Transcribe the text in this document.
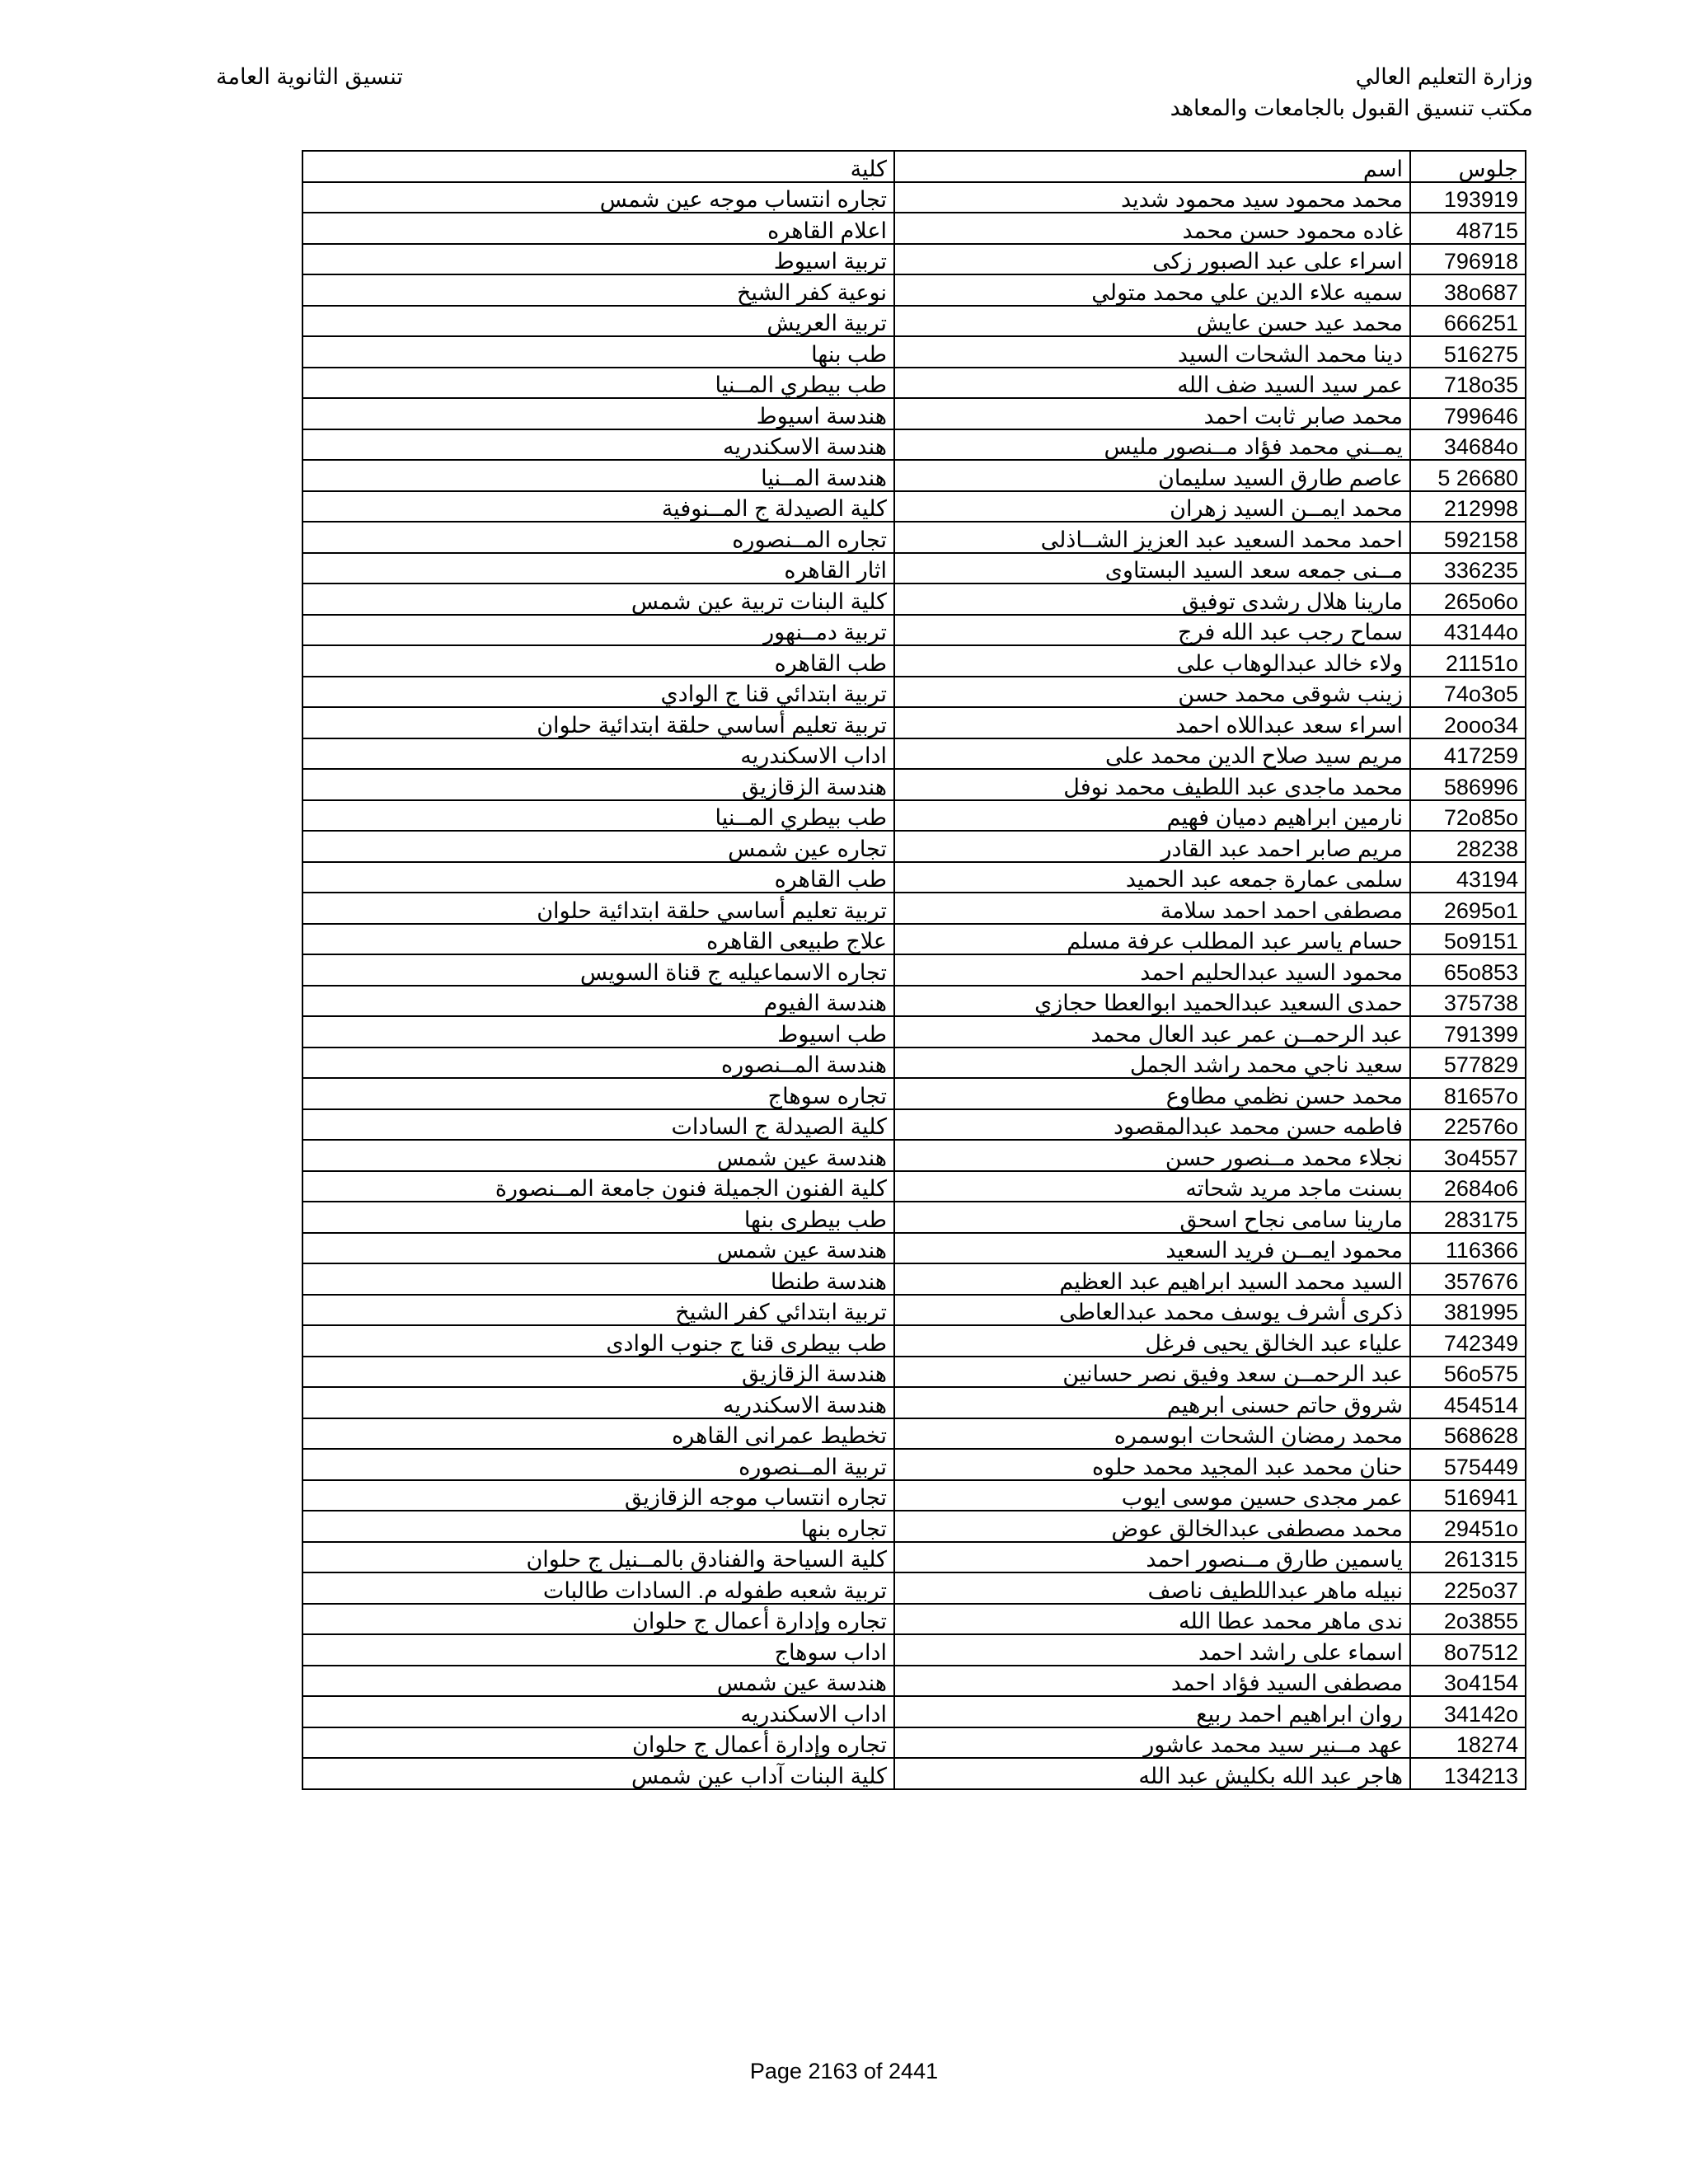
وزارة التعليم العالي
مكتب تنسيق القبول بالجامعات والمعاهد
تنسيق الثانوية العامة
جلوس	اسم	كلية
193919	محمد محمود سيد محمود شديد	تجاره انتساب موجه عين شمس
48715	غاده محمود حسن محمد	اعلام القاهره
796918	اسراء على عبد الصبور زكى	تربية اسيوط
38o687	سميه علاء الدين علي محمد متولي	نوعية كفر الشيخ
666251	محمد عيد حسن عايش	تربية العريش
516275	دينا محمد الشحات السيد	طب بنها
718o35	عمر سيد السيد ضف الله	طب بيطري المــنيا
799646	محمد صابر ثابت احمد	هندسة اسيوط
34684o	يمــني محمد فؤاد مــنصور مليس	هندسة الاسكندريه
26680 5	عاصم طارق السيد سليمان	هندسة المــنيا
212998	محمد ايمــن السيد زهران	كلية الصيدلة ج المــنوفية
592158	احمد محمد السعيد عبد العزيز الشــاذلى	تجاره المــنصوره
336235	مــنى جمعه سعد السيد البستاوى	اثار القاهره
265o6o	مارينا هلال رشدى توفيق	كلية البنات تربية عين شمس
43144o	سماح رجب عبد الله فرج	تربية دمــنهور
21151o	ولاء خالد عبدالوهاب على	طب القاهره
74o3o5	زينب شوقى محمد حسن	تربية ابتدائي قنا ج الوادي
2ooo34	اسراء سعد عبداللاه احمد	تربية تعليم أساسي حلقة ابتدائية حلوان
417259	مريم سيد صلاح الدين محمد على	اداب الاسكندريه
586996	محمد ماجدى عبد اللطيف محمد نوفل	هندسة الزقازيق
72o85o	نارمين ابراهيم دميان فهيم	طب بيطري المــنيا
28238	مريم صابر احمد عبد القادر	تجاره عين شمس
43194	سلمى عمارة جمعه عبد الحميد	طب القاهره
2695o1	مصطفى احمد احمد سلامة	تربية تعليم أساسي حلقة ابتدائية حلوان
5o9151	حسام ياسر عبد المطلب عرفة مسلم	علاج طبيعى القاهره
65o853	محمود السيد عبدالحليم احمد	تجاره الاسماعيليه ج قناة السويس
375738	حمدى السعيد عبدالحميد ابوالعطا حجازي	هندسة الفيوم
791399	عبد الرحمــن عمر عبد العال محمد	طب اسيوط
577829	سعيد ناجي محمد راشد الجمل	هندسة المــنصوره
81657o	محمد حسن نظمي مطاوع	تجاره سوهاج
22576o	فاطمه حسن محمد عبدالمقصود	كلية الصيدلة ج السادات
3o4557	نجلاء محمد مــنصور حسن	هندسة عين شمس
2684o6	بسنت ماجد مريد شحاته	كلية الفنون الجميلة فنون جامعة المــنصورة
283175	مارينا سامى نجاح اسحق	طب بيطرى بنها
116366	محمود ايمــن فريد السعيد	هندسة عين شمس
357676	السيد محمد السيد ابراهيم عبد العظيم	هندسة طنطا
381995	ذكرى أشرف يوسف محمد عبدالعاطى	تربية ابتدائي كفر الشيخ
742349	علياء عبد الخالق يحيى فرغل	طب بيطرى قنا ج جنوب الوادى
56o575	عبد الرحمــن سعد وفيق نصر حسانين	هندسة الزقازيق
454514	شروق حاتم حسنى ابرهيم	هندسة الاسكندريه
568628	محمد رمضان الشحات ابوسمره	تخطيط عمرانى القاهره
575449	حنان محمد عبد المجيد محمد حلوه	تربية المــنصوره
516941	عمر مجدى حسين موسى ايوب	تجاره انتساب موجه الزقازيق
29451o	محمد مصطفى عبدالخالق عوض	تجاره بنها
261315	ياسمين طارق مــنصور احمد	كلية السياحة والفنادق بالمــنيل ج حلوان
225o37	نبيله ماهر عبداللطيف ناصف	تربية شعبه طفوله م. السادات طالبات
2o3855	ندى ماهر محمد عطا الله	تجاره وإدارة أعمال ج حلوان
8o7512	اسماء على راشد احمد	اداب سوهاج
3o4154	مصطفى السيد فؤاد احمد	هندسة عين شمس
34142o	روان ابراهيم احمد ربيع	اداب الاسكندريه
18274	عهد مــنير سيد محمد عاشور	تجاره وإدارة أعمال ج حلوان
134213	هاجر عبد الله بكليش عبد الله	كلية البنات آداب عين شمس
Page 2163 of 2441
